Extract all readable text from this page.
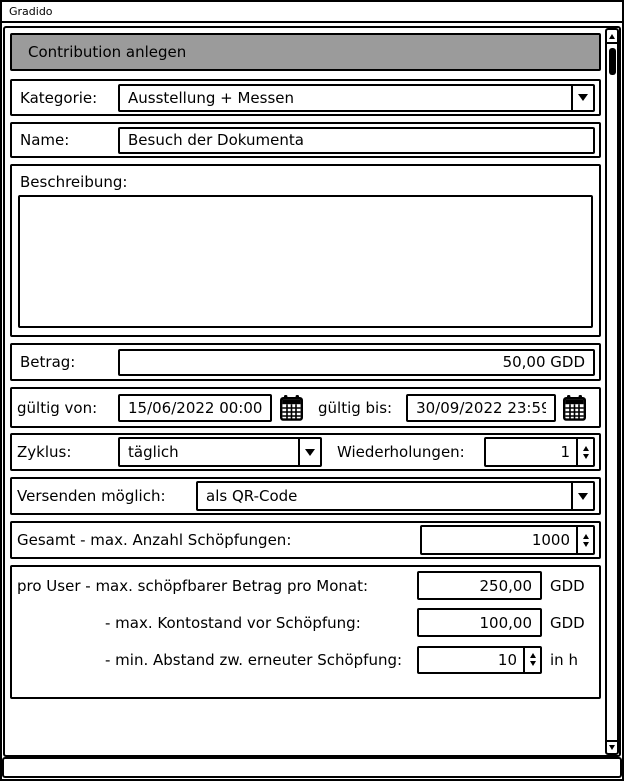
Gradido
Contribution anlegen
Kategorie:	Ausstellung + Messen
Name:
Besuch der Dokumenta
Beschreibung:
Betrag:
50,00 GDD
gültig von:
15/06/2022 00:00	gültig bis:
30/09/2022 23:59
Zyklus:	täglich	Wiederholungen:
1
Versenden möglich:	als QR-Code
Gesamt - max. Anzahl Schöpfungen:
1000
pro User - max. schöpfbarer Betrag pro Monat:
250,00	GDD
- max. Kontostand vor Schöpfung:
100,00	GDD
- min. Abstand zw. erneuter Schöpfung:
10	in h
